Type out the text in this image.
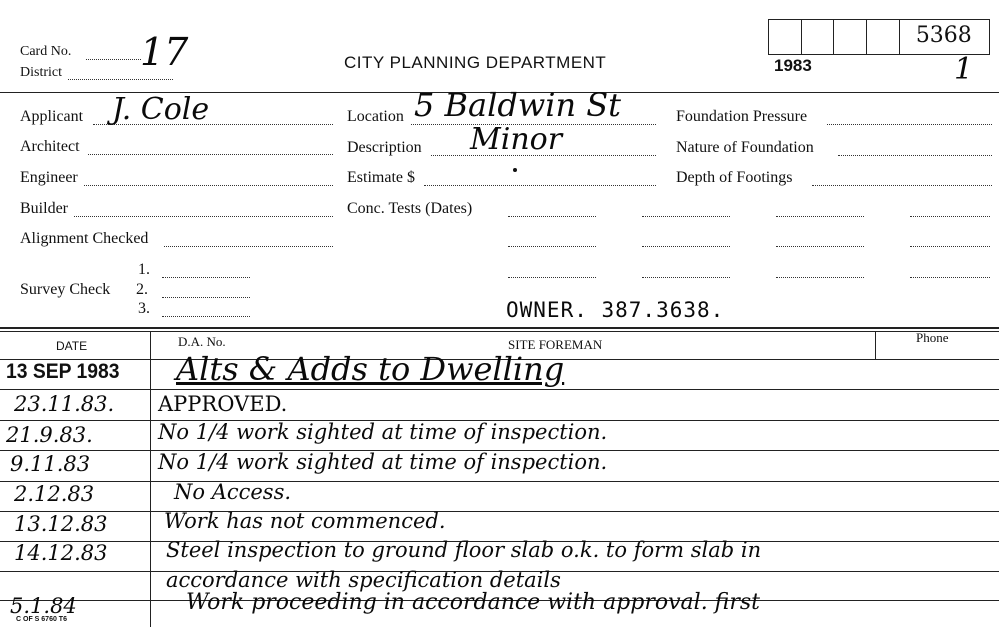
5368
Card No. 17
District
CITY PLANNING DEPARTMENT	1983	1
Applicant J. Cole
Architect
Engineer
Builder
Alignment Checked
1.
Survey Check 2.
3.
Location 5 Baldwin St
Description Minor
Estimate $
Conc. Tests (Dates)
OWNER. 387.3638.
Foundation Pressure
Nature of Foundation
Depth of Footings
DATE	D.A. No.	SITE FOREMAN	Phone
13 SEP 1983 Alts & Adds to Dwelling
23.11.83. APPROVED.
21.9.83.	No 1/4 work sighted at time of inspection.
9.11.83	No 1/4 work sighted at time of inspection.
2.12.83	No Access.
13.12.83	Work has not commenced.
14.12.83	Steel inspection to ground floor slab o.k. to form slab in
accordance with specification details
5.1.84	Work proceeding in accordance with approval. first
C OF S 6760 T6
